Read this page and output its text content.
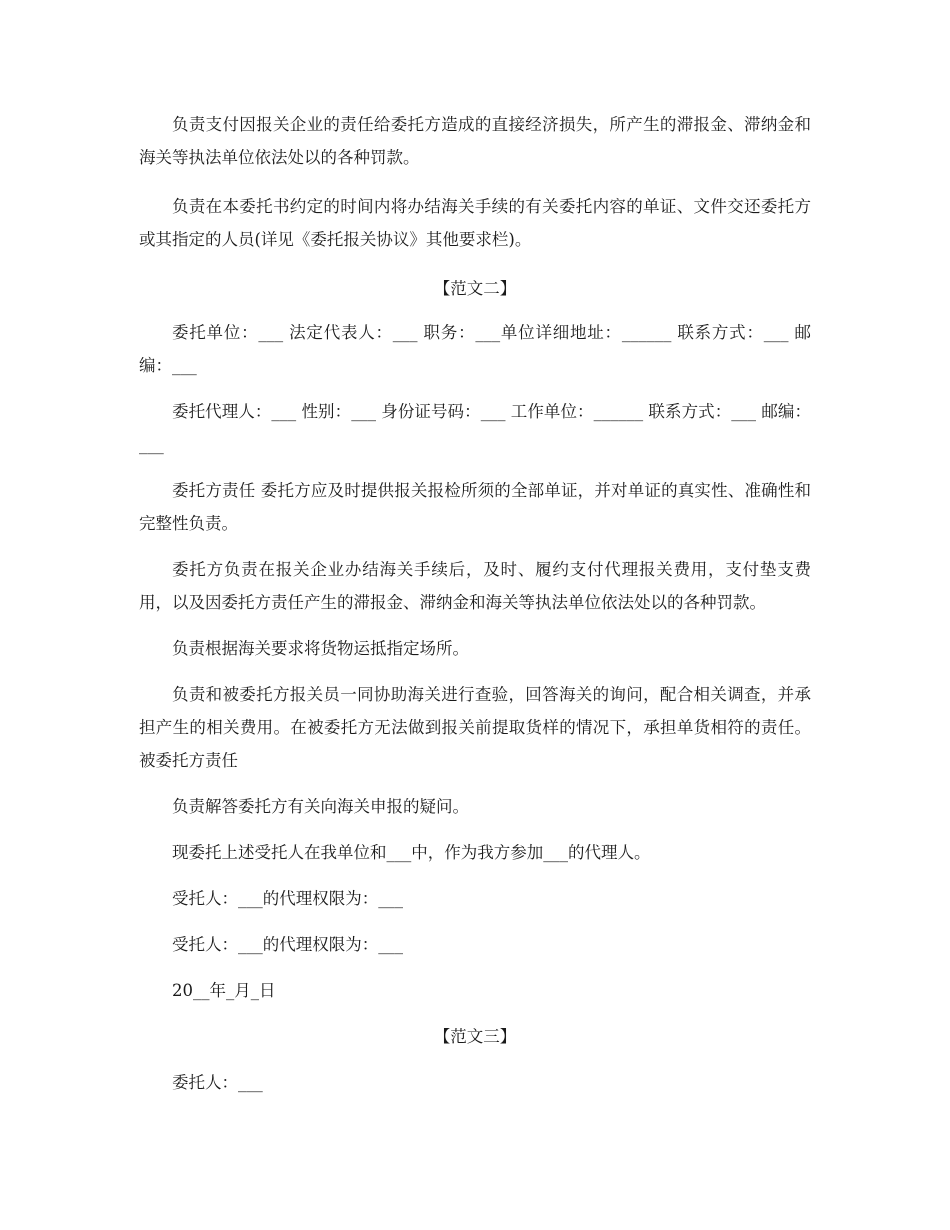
负责支付因报关企业的责任给委托方造成的直接经济损失，所产生的滞报金、滞纳金和海关等执法单位依法处以的各种罚款。

负责在本委托书约定的时间内将办结海关手续的有关委托内容的单证、文件交还委托方或其指定的人员(详见《委托报关协议》其他要求栏)。

【范文二】

委托单位：___ 法定代表人：___ 职务：___单位详细地址：______ 联系方式：___ 邮编：___

委托代理人：___ 性别：___ 身份证号码：___ 工作单位：______ 联系方式：___ 邮编： ___

委托方责任 委托方应及时提供报关报检所须的全部单证，并对单证的真实性、准确性和完整性负责。

委托方负责在报关企业办结海关手续后，及时、履约支付代理报关费用，支付垫支费用，以及因委托方责任产生的滞报金、滞纳金和海关等执法单位依法处以的各种罚款。

负责根据海关要求将货物运抵指定场所。

负责和被委托方报关员一同协助海关进行查验，回答海关的询问，配合相关调查，并承担产生的相关费用。在被委托方无法做到报关前提取货样的情况下，承担单货相符的责任。被委托方责任

负责解答委托方有关向海关申报的疑问。

现委托上述受托人在我单位和___中，作为我方参加___的代理人。

受托人：___的代理权限为：___

受托人：___的代理权限为：___

20__年_月_日

【范文三】

委托人：___
